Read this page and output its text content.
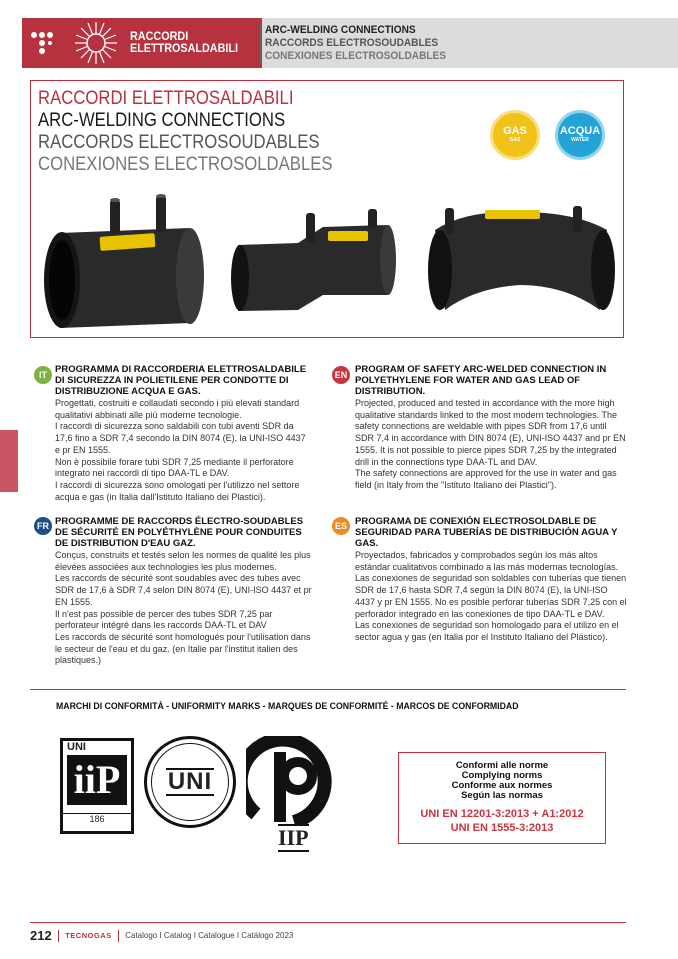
RACCORDI
ELETTROSALDABILI
ARC-WELDING CONNECTIONS
RACCORDS ELECTROSOUDABLES
CONEXIONES ELECTROSOLDABLES
RACCORDI ELETTROSALDABILI
ARC-WELDING CONNECTIONS
RACCORDS ELECTROSOUDABLES
CONEXIONES ELECTROSOLDABLES
GAS
GAS
ACQUA
WATER
IT PROGRAMMA DI RACCORDERIA ELETTROSALDABILE DI SICUREZZA IN POLIETILENE PER CONDOTTE DI DISTRIBUZIONE ACQUA E GAS.

Progettati, costruiti e collaudati secondo i più elevati standard qualitativi abbinati alle più moderne tecnologie.

I raccordi di sicurezza sono saldabili con tubi aventi SDR da 17,6 fino a SDR 7,4 secondo la DIN 8074 (E), la UNI-ISO 4437 e pr EN 1555.

Non è possibile forare tubi SDR 7,25 mediante il perforatore integrato nei raccordi di tipo DAA-TL e DAV.

I raccordi di sicurezza sono omologati per l'utilizzo nel settore acqua e gas (in Italia dall'Istituto Italiano dei Plastici).

EN PROGRAM OF SAFETY ARC-WELDED CONNECTION IN POLYETHYLENE FOR WATER AND GAS LEAD OF DISTRIBUTION.

Projected, produced and tested in accordance with the more high qualitative standards linked to the most modern technologies. The safety connections are weldable with pipes SDR from 17,6 until SDR 7,4 in accordance with DIN 8074 (E), UNI-ISO 4437 and pr EN 1555. It is not possible to pierce pipes SDR 7,25 by the integrated drill in the connections type DAA-TL and DAV.

The safety connections are approved for the use in water and gas field (in Italy from the "Istituto Italiano dei Plastici").

FR PROGRAMME DE RACCORDS ÉLECTRO-SOUDABLES DE SÉCURITÉ EN POLYÉTHYLÈNE POUR CONDUITES DE DISTRIBUTION D'EAU GAZ.

Conçus, construits et testés selon les normes de qualité les plus élevées associées aux technologies les plus modernes.

Les raccords de sécurité sont soudables avec des tubes avec SDR de 17,6 à SDR 7,4 selon DIN 8074 (E), UNI-ISO 4437 et pr EN 1555.

Il n'est pas possible de percer des tubes SDR 7,25 par perforateur intégré dans les raccords DAA-TL et DAV

Les raccords de sécurité sont homologués pour l'utilisation dans le secteur de l'eau et du gaz. (en Italie par l'institut italien des plastiques.)

ES PROGRAMA DE CONEXIÓN ELECTROSOLDABLE DE SEGURIDAD PARA TUBERÍAS DE DISTRIBUCIÓN AGUA Y GAS.

Proyectados, fabricados y comprobados según los más altos estándar cualitativos combinado a las más modernas tecnologías.

Las conexiones de seguridad son soldables con tuberías que tienen SDR de 17,6 hasta SDR 7,4 según la DIN 8074 (E), la UNI-ISO 4437 y pr EN 1555. No es posible perforar tuberías SDR 7,25 con el perforador integrado en las conexiones de tipo DAA-TL e DAV.

Las conexiones de seguridad son homologado para el utilizo en el sector agua y gas (en Italia por el Instituto Italiano del Plástico).

MARCHI DI CONFORMITÀ - UNIFORMITY MARKS - MARQUES DE CONFORMITÉ - MARCOS DE CONFORMIDAD
UNI
iiP
186
UNI
IIP
Conformi alle norme
Complying norms
Conforme aux normes
Según las normas
UNI EN 12201-3:2013 + A1:2012
UNI EN 1555-3:2013
212 TECNOGAS Catalogo I Catalog I Catalogue I Catálogo 2023
